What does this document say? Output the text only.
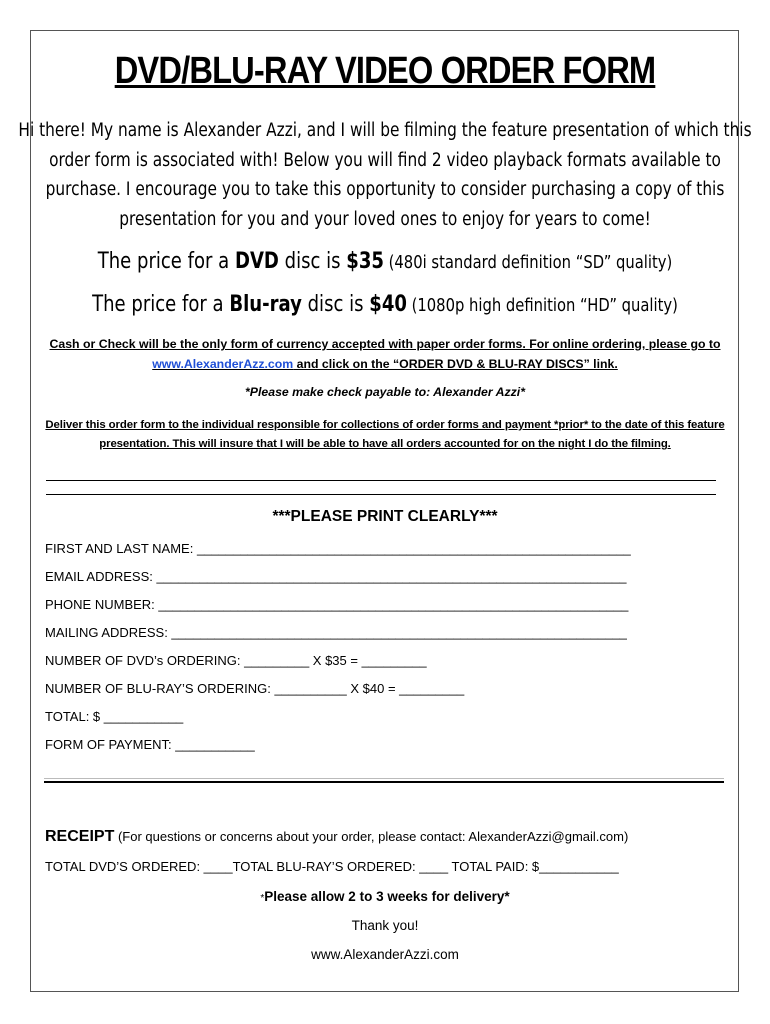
DVD/BLU-RAY VIDEO ORDER FORM
Hi there! My name is Alexander Azzi, and I will be filming the feature presentation of which this order form is associated with! Below you will find 2 video playback formats available to purchase. I encourage you to take this opportunity to consider purchasing a copy of this presentation for you and your loved ones to enjoy for years to come!
The price for a DVD disc is $35 (480i standard definition “SD” quality)
The price for a Blu-ray disc is $40 (1080p high definition “HD” quality)
Cash or Check will be the only form of currency accepted with paper order forms. For online ordering, please go to www.AlexanderAzz.com and click on the “ORDER DVD & BLU-RAY DISCS” link.
*Please make check payable to: Alexander Azzi*
Deliver this order form to the individual responsible for collections of order forms and payment *prior* to the date of this feature presentation. This will insure that I will be able to have all orders accounted for on the night I do the filming.
***PLEASE PRINT CLEARLY***
FIRST AND LAST NAME: ____________________________________________________________
EMAIL ADDRESS: _________________________________________________________________
PHONE NUMBER: _________________________________________________________________
MAILING ADDRESS: _______________________________________________________________
NUMBER OF DVD’s ORDERING: _________ X $35 = _________
NUMBER OF BLU-RAY’S ORDERING: __________ X $40 = _________
TOTAL: $ ___________
FORM OF PAYMENT: ___________
RECEIPT (For questions or concerns about your order, please contact: AlexanderAzzi@gmail.com)
TOTAL DVD’S ORDERED: ____TOTAL BLU-RAY’S ORDERED: ____ TOTAL PAID: $___________
*Please allow 2 to 3 weeks for delivery*
Thank you!
www.AlexanderAzzi.com
